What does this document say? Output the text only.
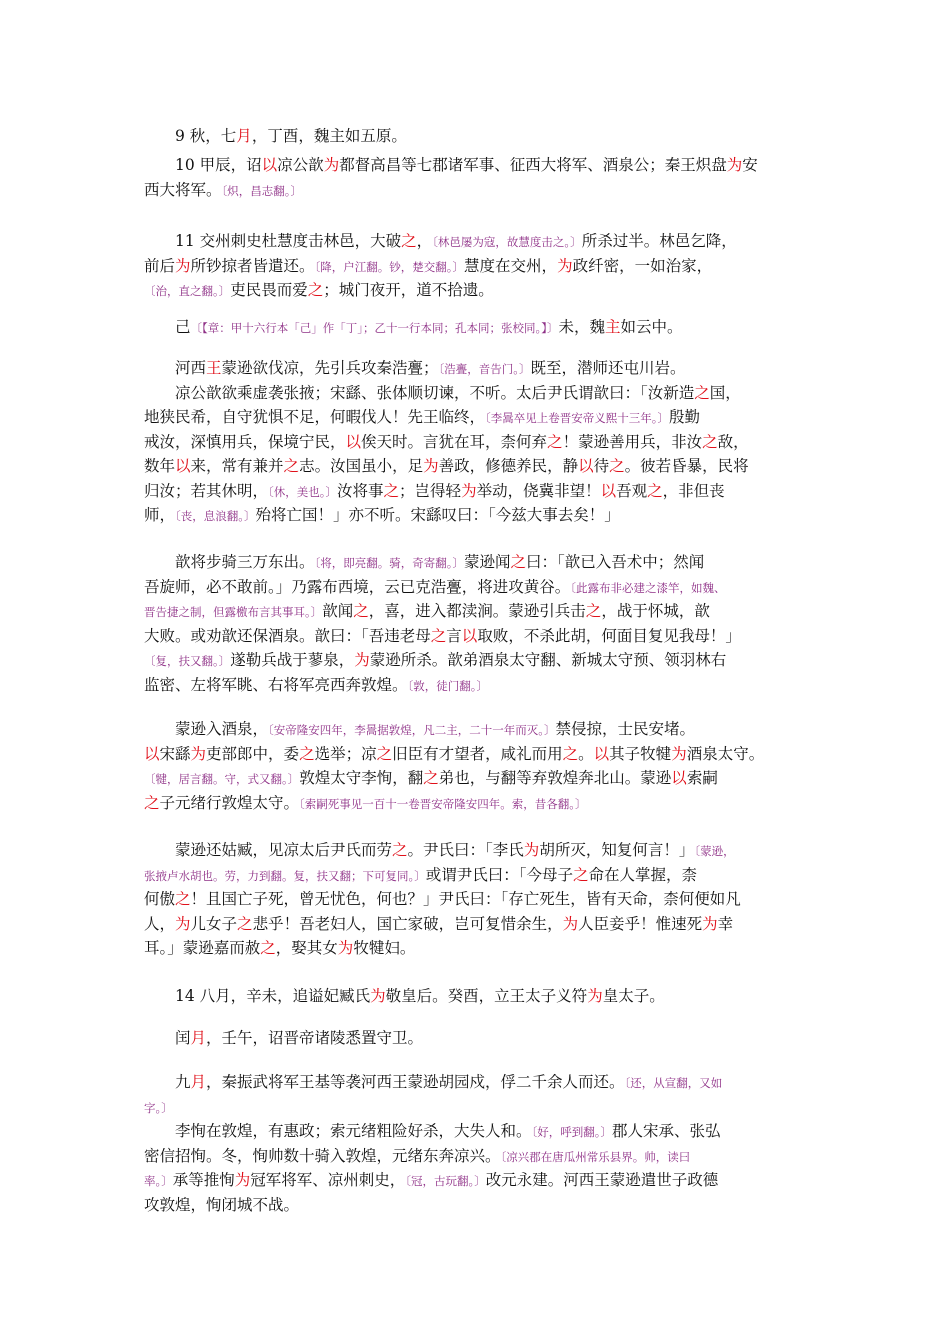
　　9 秋，七月，丁酉，魏主如五原。
　　10 甲辰，诏以凉公歆为都督高昌等七郡诸军事、征西大将军、酒泉公；秦王炽盘为安
西大将军。〔炽，昌志翻。〕
　　11 交州刺史杜慧度击林邑，大破之，〔林邑屡为寇，故慧度击之。〕所杀过半。林邑乞降，
前后为所钞掠者皆遣还。〔降，户江翻。钞，楚交翻。〕慧度在交州，为政纤密，一如治家，
〔治，直之翻。〕吏民畏而爱之；城门夜开，道不拾遗。
　　己〔【章：甲十六行本「己」作「丁」；乙十一行本同；孔本同；张校同。】〕未，魏主如云中。
　　河西王蒙逊欲伐凉，先引兵攻秦浩亹；〔浩亹，音告门。〕既至，潜师还屯川岩。
　　凉公歆欲乘虚袭张掖；宋繇、张体顺切谏，不听。太后尹氏谓歆曰：「汝新造之国，
地狭民希，自守犹惧不足，何暇伐人！先王临终，〔李暠卒见上卷晋安帝义熙十三年。〕殷勤
戒汝，深慎用兵，保境宁民，以俟天时。言犹在耳，柰何弃之！蒙逊善用兵，非汝之敌，
数年以来，常有兼并之志。汝国虽小，足为善政，修德养民，静以待之。彼若昏暴，民将
归汝；若其休明，〔休，美也。〕汝将事之；岂得轻为举动，侥冀非望！以吾观之，非但丧
师，〔丧，息浪翻。〕殆将亡国！」亦不听。宋繇叹曰：「今兹大事去矣！」
　　歆将步骑三万东出。〔将，即亮翻。骑，奇寄翻。〕蒙逊闻之曰：「歆已入吾术中；然闻
吾旋师，必不敢前。」乃露布西境，云已克浩亹，将进攻黄谷。〔此露布非必建之漆竿，如魏、
晋告捷之制，但露檄布言其事耳。〕歆闻之，喜，进入都渎涧。蒙逊引兵击之，战于怀城，歆
大败。或劝歆还保酒泉。歆曰：「吾违老母之言以取败，不杀此胡，何面目复见我母！」
〔复，扶又翻。〕遂勒兵战于蓼泉，为蒙逊所杀。歆弟酒泉太守翻、新城太守预、领羽林右
监密、左将军眺、右将军亮西奔敦煌。〔敦，徒门翻。〕
　　蒙逊入酒泉，〔安帝隆安四年，李暠据敦煌，凡二主，二十一年而灭。〕禁侵掠，士民安堵。
以宋繇为吏部郎中，委之选举；凉之旧臣有才望者，咸礼而用之。以其子牧犍为酒泉太守。
〔犍，居言翻。守，式又翻。〕敦煌太守李恂，翻之弟也，与翻等弃敦煌奔北山。蒙逊以索嗣
之子元绪行敦煌太守。〔索嗣死事见一百十一卷晋安帝隆安四年。索，昔各翻。〕
　　蒙逊还姑臧，见凉太后尹氏而劳之。尹氏曰：「李氏为胡所灭，知复何言！」〔蒙逊，
张掖卢水胡也。劳，力到翻。复，扶又翻；下可复同。〕或谓尹氏曰：「今母子之命在人掌握，柰
何傲之！且国亡子死，曾无忧色，何也？」尹氏曰：「存亡死生，皆有天命，柰何便如凡
人，为儿女子之悲乎！吾老妇人，国亡家破，岂可复惜余生，为人臣妾乎！惟速死为幸
耳。」蒙逊嘉而赦之，娶其女为牧犍妇。
　　14 八月，辛未，追谥妃臧氏为敬皇后。癸酉，立王太子义符为皇太子。
　　闰月，壬午，诏晋帝诸陵悉置守卫。
　　九月，秦振武将军王基等袭河西王蒙逊胡园戍，俘二千余人而还。〔还，从宣翻，又如
字。〕
　　李恂在敦煌，有惠政；索元绪粗险好杀，大失人和。〔好，呼到翻。〕郡人宋承、张弘
密信招恂。冬，恂帅数十骑入敦煌，元绪东奔凉兴。〔凉兴郡在唐瓜州常乐县界。帅，读曰
率。〕承等推恂为冠军将军、凉州刺史，〔冠，古玩翻。〕改元永建。河西王蒙逊遣世子政德
攻敦煌，恂闭城不战。
